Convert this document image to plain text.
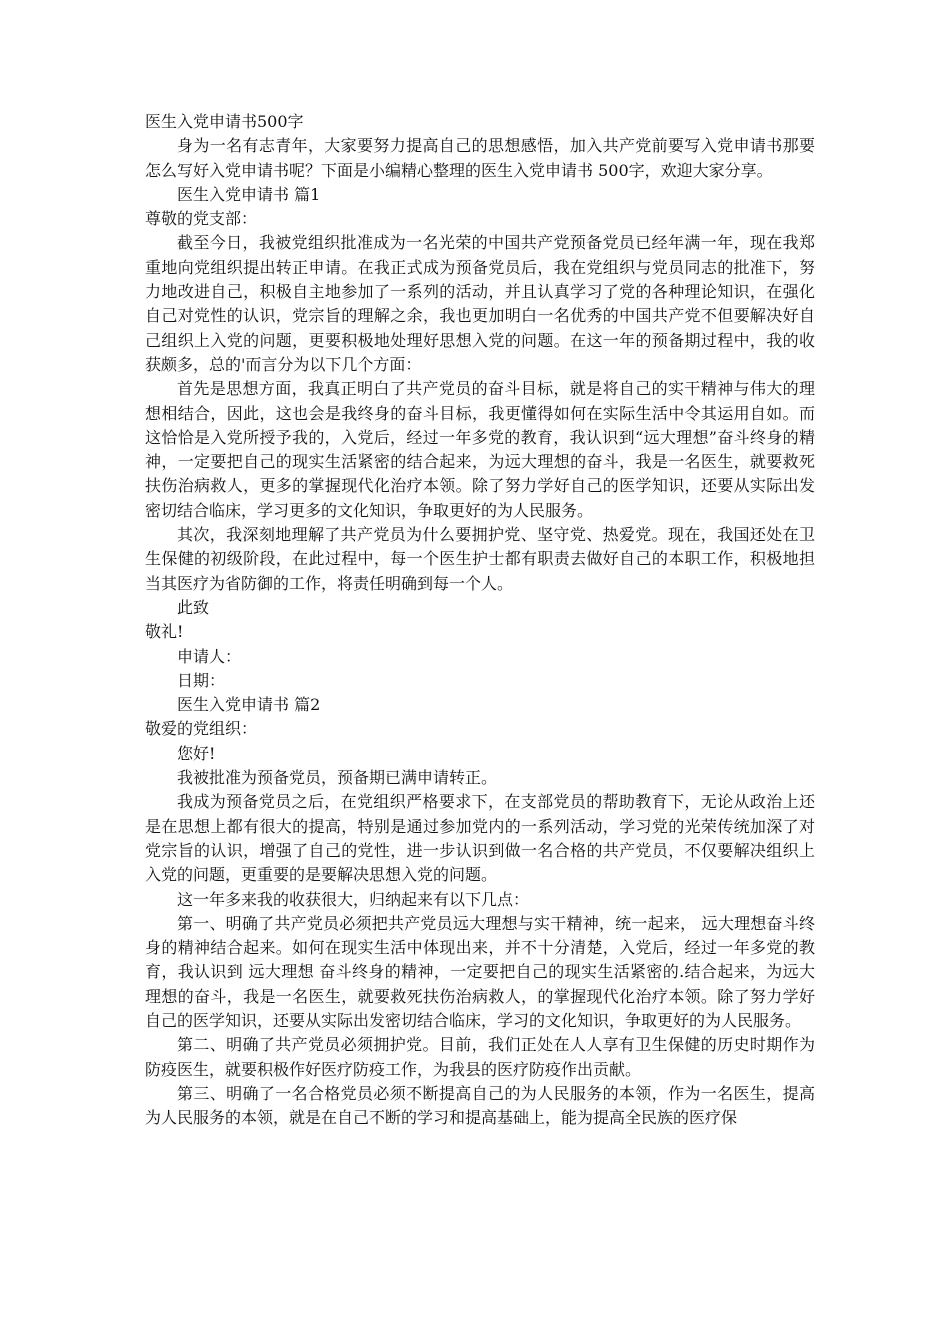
医生入党申请书500字

身为一名有志青年，大家要努力提高自己的思想感悟，加入共产党前要写入党申请书那要怎么写好入党申请书呢？下面是小编精心整理的医生入党申请书 500字，欢迎大家分享。

医生入党申请书 篇1

尊敬的党支部：

截至今日，我被党组织批准成为一名光荣的中国共产党预备党员已经年满一年，现在我郑重地向党组织提出转正申请。在我正式成为预备党员后，我在党组织与党员同志的批准下，努力地改进自己，积极自主地参加了一系列的活动，并且认真学习了党的各种理论知识，在强化自己对党性的认识，党宗旨的理解之余，我也更加明白一名优秀的中国共产党不但要解决好自己组织上入党的问题，更要积极地处理好思想入党的问题。在这一年的预备期过程中，我的收获颇多，总的'而言分为以下几个方面：

首先是思想方面，我真正明白了共产党员的奋斗目标，就是将自己的实干精神与伟大的理想相结合，因此，这也会是我终身的奋斗目标，我更懂得如何在实际生活中令其运用自如。而这恰恰是入党所授予我的，入党后，经过一年多党的教育，我认识到“远大理想”奋斗终身的精神，一定要把自己的现实生活紧密的结合起来，为远大理想的奋斗，我是一名医生，就要救死扶伤治病救人，更多的掌握现代化治疗本领。除了努力学好自己的医学知识，还要从实际出发密切结合临床，学习更多的文化知识，争取更好的为人民服务。

其次，我深刻地理解了共产党员为什么要拥护党、坚守党、热爱党。现在，我国还处在卫生保健的初级阶段，在此过程中，每一个医生护士都有职责去做好自己的本职工作，积极地担当其医疗为省防御的工作，将责任明确到每一个人。

此致

敬礼!

申请人：

日期：

医生入党申请书 篇2

敬爱的党组织：

您好!

我被批准为预备党员，预备期已满申请转正。

我成为预备党员之后，在党组织严格要求下，在支部党员的帮助教育下，无论从政治上还是在思想上都有很大的提高，特别是通过参加党内的一系列活动，学习党的光荣传统加深了对党宗旨的认识，增强了自己的党性，进一步认识到做一名合格的共产党员，不仅要解决组织上入党的问题，更重要的是要解决思想入党的问题。

这一年多来我的收获很大，归纳起来有以下几点：

第一、明确了共产党员必须把共产党员远大理想与实干精神，统一起来， 远大理想奋斗终身的精神结合起来。如何在现实生活中体现出来，并不十分清楚，入党后，经过一年多党的教育，我认识到 远大理想 奋斗终身的精神，一定要把自己的现实生活紧密的.结合起来，为远大理想的奋斗，我是一名医生，就要救死扶伤治病救人，的掌握现代化治疗本领。除了努力学好自己的医学知识，还要从实际出发密切结合临床，学习的文化知识，争取更好的为人民服务。

第二、明确了共产党员必须拥护党。目前，我们正处在人人享有卫生保健的历史时期作为防疫医生，就要积极作好医疗防疫工作，为我县的医疗防疫作出贡献。

第三、明确了一名合格党员必须不断提高自己的为人民服务的本领，作为一名医生，提高为人民服务的本领，就是在自己不断的学习和提高基础上，能为提高全民族的医疗保
